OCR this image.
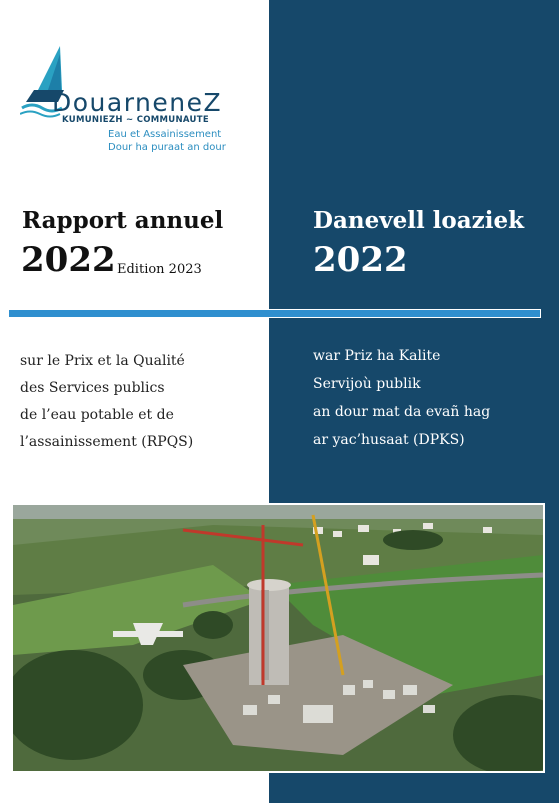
DouarneneZ
KUMUNIEZH ~ COMMUNAUTE
Eau et Assainissement
Dour ha puraat an dour
Rapport annuel
2022 Edition 2023
Danevell loaziek
2022
sur le Prix et la Qualité
des Services publics
de l’eau potable et de
l’assainissement (RPQS)
war Priz ha Kalite
Servijoù publik
an dour mat da evañ hag
ar yac’husaat (DPKS)
